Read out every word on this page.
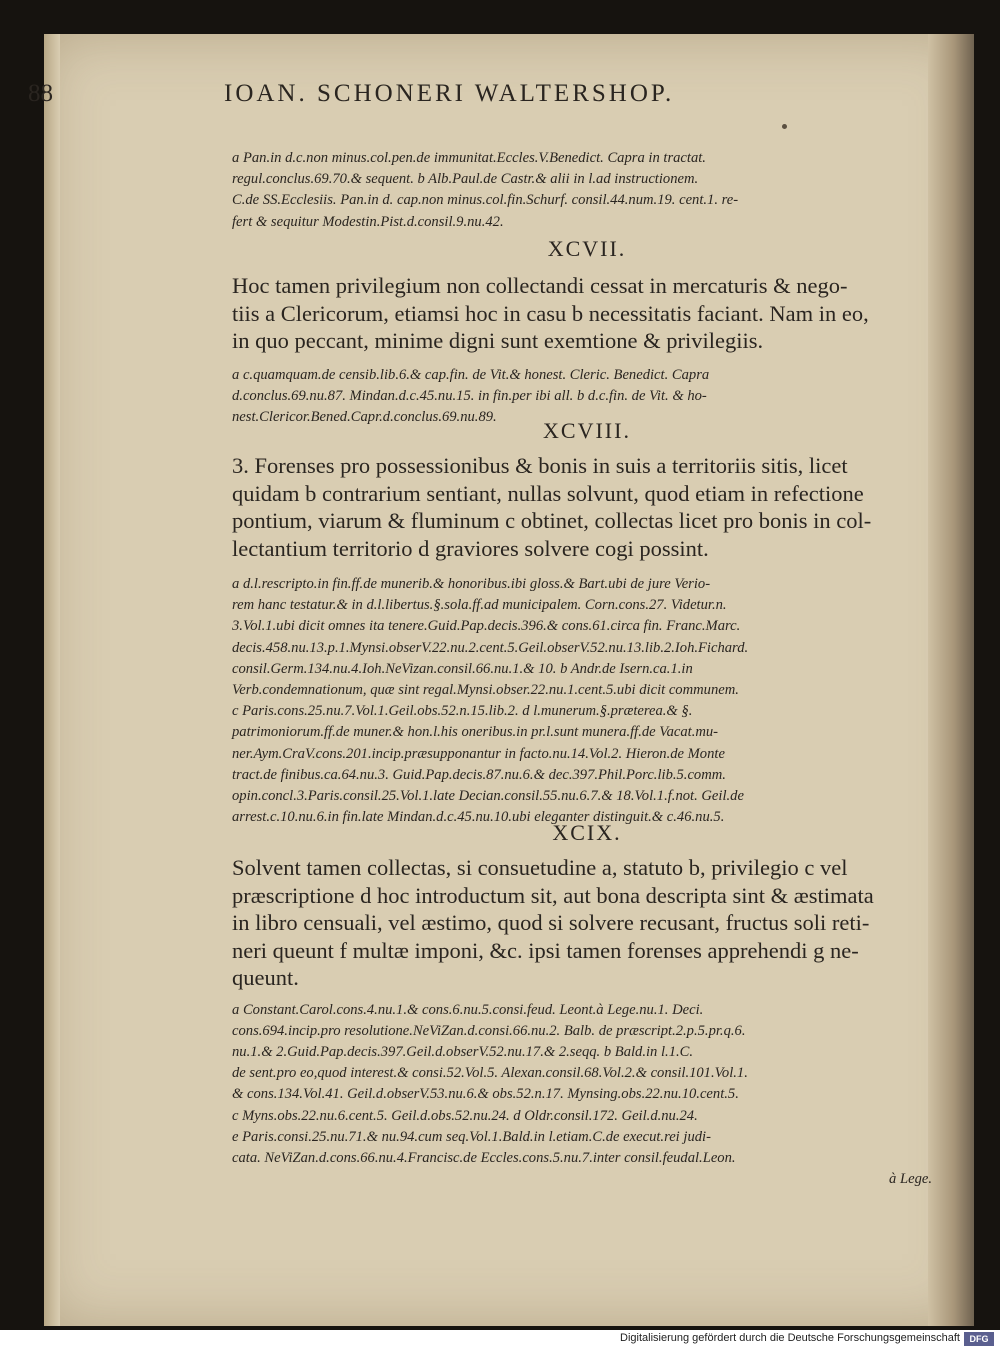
88	IOAN. SCHONERI WALTERSHOP.

a Pan.in d.c.non minus.col.pen.de immunitat.Eccles.V.Benedict. Capra in tractat.

regul.conclus.69.70.& sequent. b Alb.Paul.de Castr.& alii in l.ad instructionem.

C.de SS.Ecclesiis. Pan.in d. cap.non minus.col.fin.Schurf. consil.44.num.19. cent.1. re-

fert & sequitur Modestin.Pist.d.consil.9.nu.42.

XCVII.

Hoc tamen privilegium non collectandi cessat in mercaturis & nego-

tiis a Clericorum, etiamsi hoc in casu b necessitatis faciant. Nam in eo,

in quo peccant, minime digni sunt exemtione & privilegiis.

a c.quamquam.de censib.lib.6.& cap.fin. de Vit.& honest. Cleric. Benedict. Capra

d.conclus.69.nu.87. Mindan.d.c.45.nu.15. in fin.per ibi all. b d.c.fin. de Vit. & ho-

nest.Clericor.Bened.Capr.d.conclus.69.nu.89.

XCVIII.

3. Forenses pro possessionibus & bonis in suis a territoriis sitis, licet

quidam b contrarium sentiant, nullas solvunt, quod etiam in refectione

pontium, viarum & fluminum c obtinet, collectas licet pro bonis in col-

lectantium territorio d graviores solvere cogi possint.

a d.l.rescripto.in fin.ff.de munerib.& honoribus.ibi gloss.& Bart.ubi de jure Verio-

rem hanc testatur.& in d.l.libertus.§.sola.ff.ad municipalem. Corn.cons.27. Videtur.n.

3.Vol.1.ubi dicit omnes ita tenere.Guid.Pap.decis.396.& cons.61.circa fin. Franc.Marc.

decis.458.nu.13.p.1.Mynsi.obserV.22.nu.2.cent.5.Geil.obserV.52.nu.13.lib.2.Ioh.Fichard.

consil.Germ.134.nu.4.Ioh.NeVizan.consil.66.nu.1.& 10. b Andr.de Isern.ca.1.in

Verb.condemnationum, quæ sint regal.Mynsi.obser.22.nu.1.cent.5.ubi dicit communem.

c Paris.cons.25.nu.7.Vol.1.Geil.obs.52.n.15.lib.2. d l.munerum.§.præterea.& §.

patrimoniorum.ff.de muner.& hon.l.his oneribus.in pr.l.sunt munera.ff.de Vacat.mu-

ner.Aym.CraV.cons.201.incip.præsupponantur in facto.nu.14.Vol.2. Hieron.de Monte

tract.de finibus.ca.64.nu.3. Guid.Pap.decis.87.nu.6.& dec.397.Phil.Porc.lib.5.comm.

opin.concl.3.Paris.consil.25.Vol.1.late Decian.consil.55.nu.6.7.& 18.Vol.1.f.not. Geil.de

arrest.c.10.nu.6.in fin.late Mindan.d.c.45.nu.10.ubi eleganter distinguit.& c.46.nu.5.

XCIX.

Solvent tamen collectas, si consuetudine a, statuto b, privilegio c vel

præscriptione d hoc introductum sit, aut bona descripta sint & æstimata

in libro censuali, vel æstimo, quod si solvere recusant, fructus soli reti-

neri queunt f multæ imponi, &c. ipsi tamen forenses apprehendi g ne-

queunt.

a Constant.Carol.cons.4.nu.1.& cons.6.nu.5.consi.feud. Leont.à Lege.nu.1. Deci.

cons.694.incip.pro resolutione.NeViZan.d.consi.66.nu.2. Balb. de præscript.2.p.5.pr.q.6.

nu.1.& 2.Guid.Pap.decis.397.Geil.d.obserV.52.nu.17.& 2.seqq. b Bald.in l.1.C.

de sent.pro eo,quod interest.& consi.52.Vol.5. Alexan.consil.68.Vol.2.& consil.101.Vol.1.

& cons.134.Vol.41. Geil.d.obserV.53.nu.6.& obs.52.n.17. Mynsing.obs.22.nu.10.cent.5.

c Myns.obs.22.nu.6.cent.5. Geil.d.obs.52.nu.24. d Oldr.consil.172. Geil.d.nu.24.

e Paris.consi.25.nu.71.& nu.94.cum seq.Vol.1.Bald.in l.etiam.C.de execut.rei judi-

cata. NeViZan.d.cons.66.nu.4.Francisc.de Eccles.cons.5.nu.7.inter consil.feudal.Leon.

à Lege.

Digitalisierung gefördert durch die Deutsche Forschungsgemeinschaft	DFG
